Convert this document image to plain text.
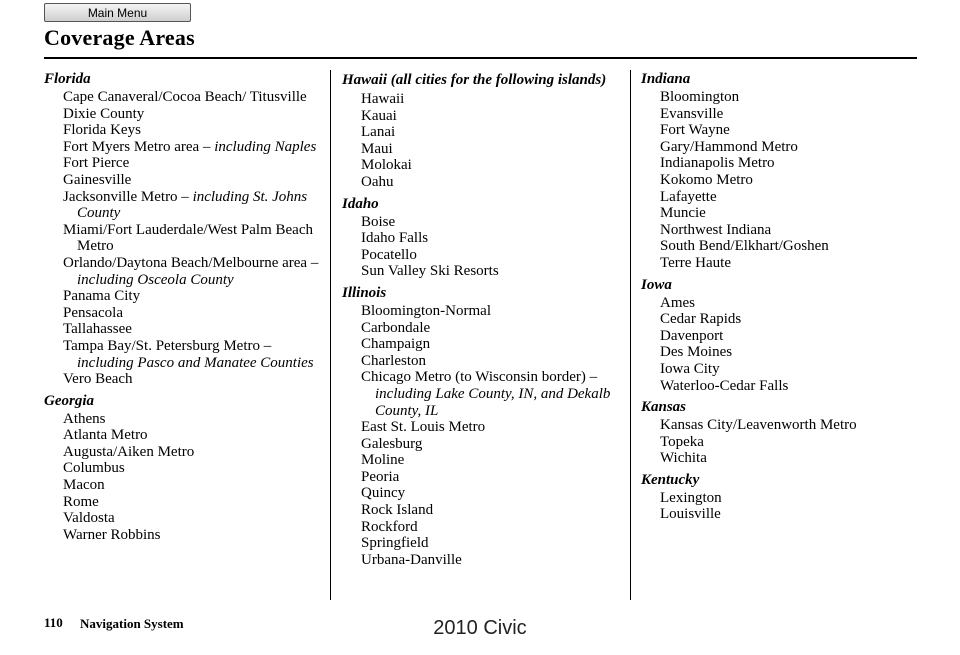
Main Menu
Coverage Areas
Florida
Cape Canaveral/Cocoa Beach/ Titusville
Dixie County
Florida Keys
Fort Myers Metro area – including Naples
Fort Pierce
Gainesville
Jacksonville Metro – including St. Johns County
Miami/Fort Lauderdale/West Palm Beach Metro
Orlando/Daytona Beach/Melbourne area – including Osceola County
Panama City
Pensacola
Tallahassee
Tampa Bay/St. Petersburg Metro – including Pasco and Manatee Counties
Vero Beach
Georgia
Athens
Atlanta Metro
Augusta/Aiken Metro
Columbus
Macon
Rome
Valdosta
Warner Robbins
Hawaii (all cities for the following islands)
Hawaii
Kauai
Lanai
Maui
Molokai
Oahu
Idaho
Boise
Idaho Falls
Pocatello
Sun Valley Ski Resorts
Illinois
Bloomington-Normal
Carbondale
Champaign
Charleston
Chicago Metro (to Wisconsin border) – including Lake County, IN, and Dekalb County, IL
East St. Louis Metro
Galesburg
Moline
Peoria
Quincy
Rock Island
Rockford
Springfield
Urbana-Danville
Indiana
Bloomington
Evansville
Fort Wayne
Gary/Hammond Metro
Indianapolis Metro
Kokomo Metro
Lafayette
Muncie
Northwest Indiana
South Bend/Elkhart/Goshen
Terre Haute
Iowa
Ames
Cedar Rapids
Davenport
Des Moines
Iowa City
Waterloo-Cedar Falls
Kansas
Kansas City/Leavenworth Metro
Topeka
Wichita
Kentucky
Lexington
Louisville
110 Navigation System	2010 Civic
